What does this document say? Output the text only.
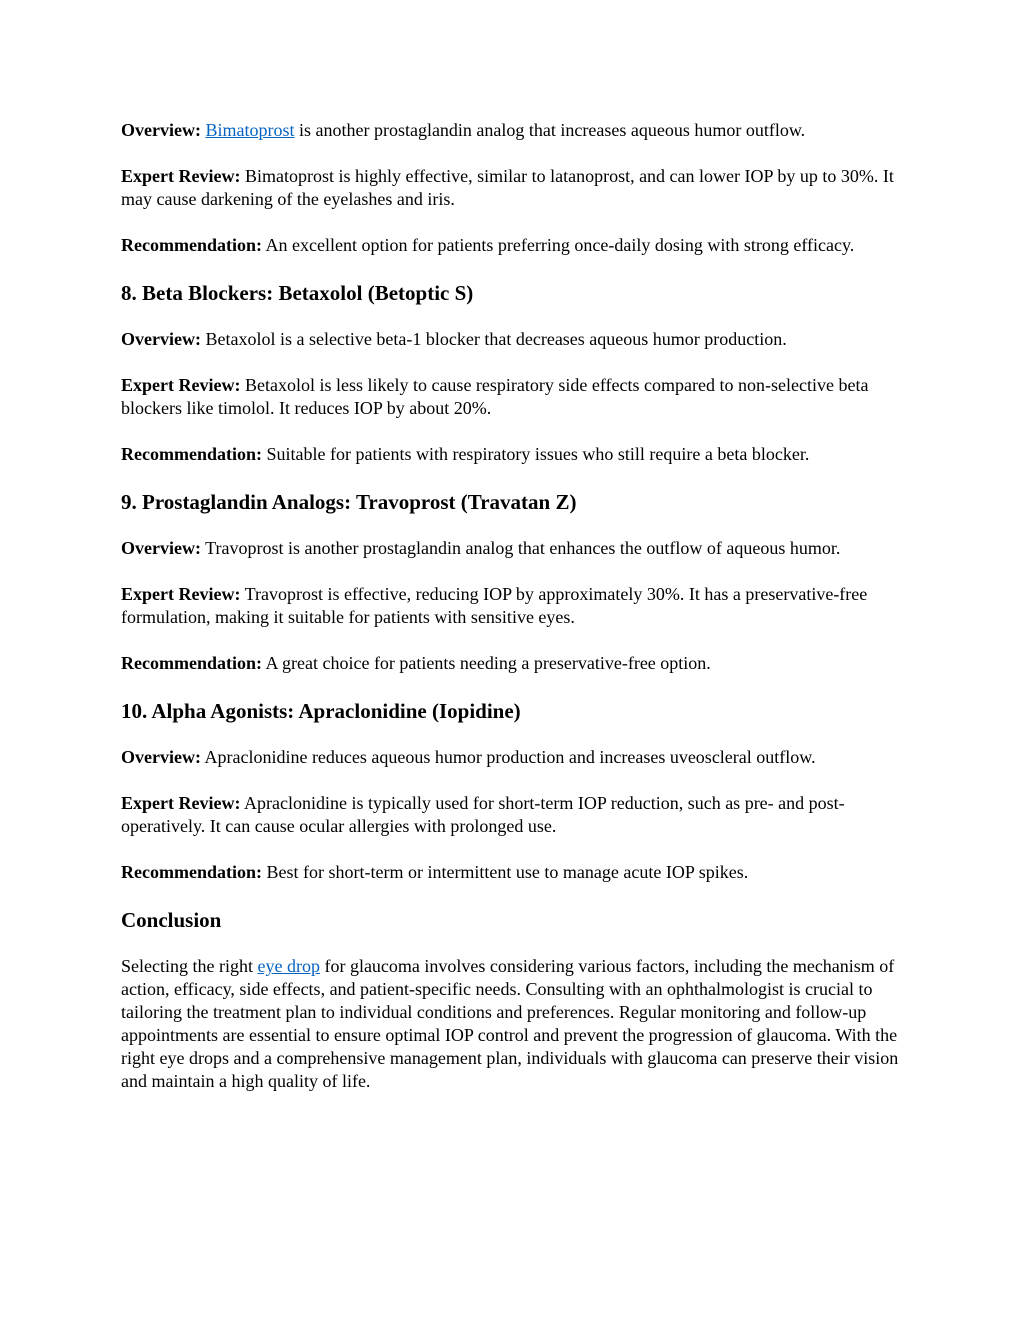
Overview: Bimatoprost is another prostaglandin analog that increases aqueous humor outflow.

Expert Review: Bimatoprost is highly effective, similar to latanoprost, and can lower IOP by up to 30%. It may cause darkening of the eyelashes and iris.

Recommendation: An excellent option for patients preferring once-daily dosing with strong efficacy.

8. Beta Blockers: Betaxolol (Betoptic S)

Overview: Betaxolol is a selective beta-1 blocker that decreases aqueous humor production.

Expert Review: Betaxolol is less likely to cause respiratory side effects compared to non-selective beta blockers like timolol. It reduces IOP by about 20%.

Recommendation: Suitable for patients with respiratory issues who still require a beta blocker.

9. Prostaglandin Analogs: Travoprost (Travatan Z)

Overview: Travoprost is another prostaglandin analog that enhances the outflow of aqueous humor.

Expert Review: Travoprost is effective, reducing IOP by approximately 30%. It has a preservative-free formulation, making it suitable for patients with sensitive eyes.

Recommendation: A great choice for patients needing a preservative-free option.

10. Alpha Agonists: Apraclonidine (Iopidine)

Overview: Apraclonidine reduces aqueous humor production and increases uveoscleral outflow.

Expert Review: Apraclonidine is typically used for short-term IOP reduction, such as pre- and post-operatively. It can cause ocular allergies with prolonged use.

Recommendation: Best for short-term or intermittent use to manage acute IOP spikes.

Conclusion

Selecting the right eye drop for glaucoma involves considering various factors, including the mechanism of action, efficacy, side effects, and patient-specific needs. Consulting with an ophthalmologist is crucial to tailoring the treatment plan to individual conditions and preferences. Regular monitoring and follow-up appointments are essential to ensure optimal IOP control and prevent the progression of glaucoma. With the right eye drops and a comprehensive management plan, individuals with glaucoma can preserve their vision and maintain a high quality of life.
